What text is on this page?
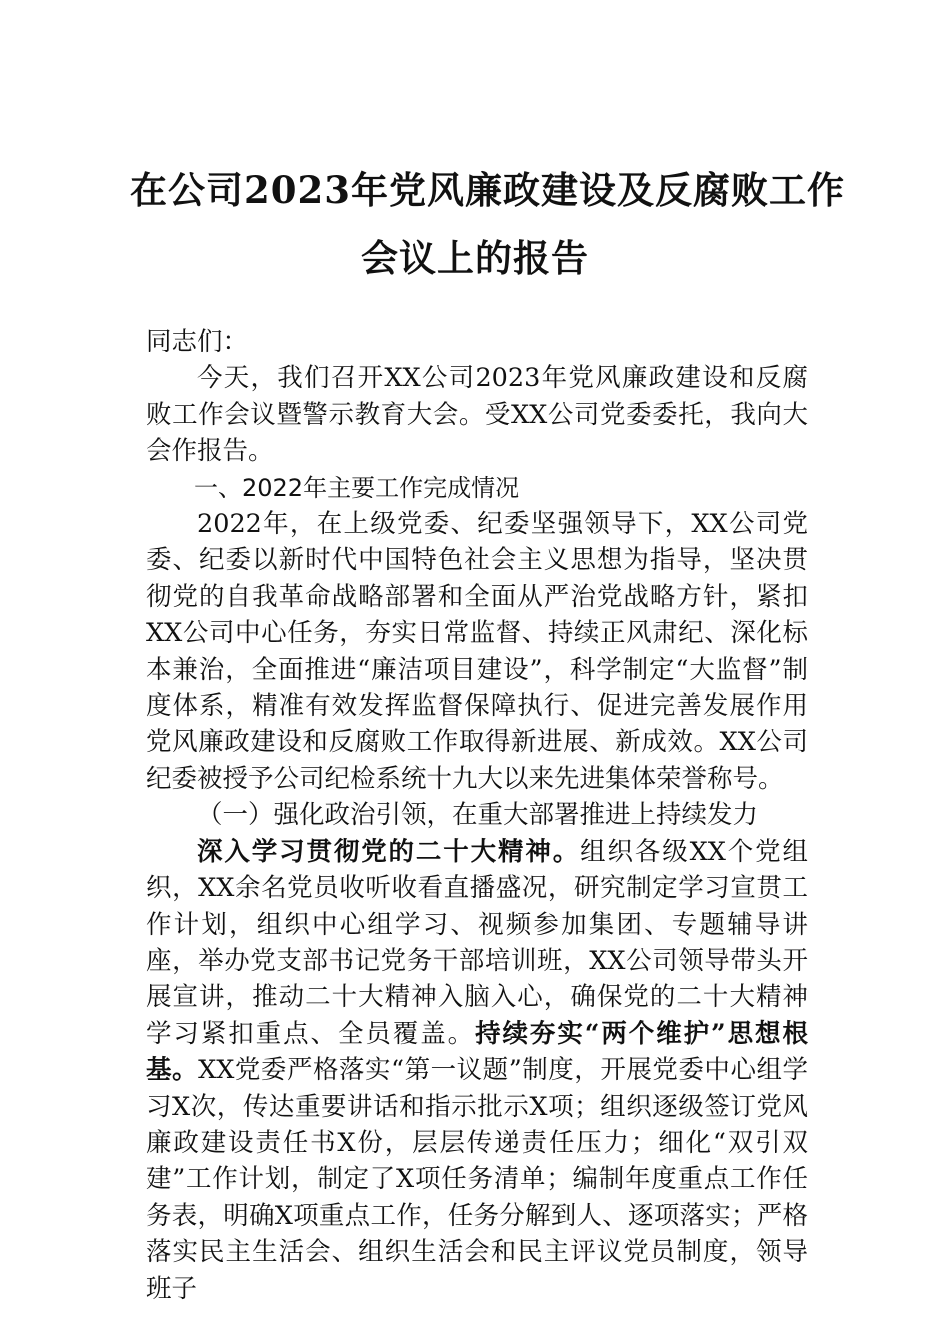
在公司2023年党风廉政建设及反腐败工作
会议上的报告

同志们：

今天，我们召开XX公司2023年党风廉政建设和反腐败工作会议暨警示教育大会。受XX公司党委委托，我向大会作报告。

一、2022年主要工作完成情况

2022年，在上级党委、纪委坚强领导下，XX公司党委、纪委以新时代中国特色社会主义思想为指导，坚决贯彻党的自我革命战略部署和全面从严治党战略方针，紧扣XX公司中心任务，夯实日常监督、持续正风肃纪、深化标本兼治，全面推进“廉洁项目建设”，科学制定“大监督”制度体系，精准有效发挥监督保障执行、促进完善发展作用党风廉政建设和反腐败工作取得新进展、新成效。XX公司纪委被授予公司纪检系统十九大以来先进集体荣誉称号。

（一）强化政治引领，在重大部署推进上持续发力

深入学习贯彻党的二十大精神。组织各级XX个党组织，XX余名党员收听收看直播盛况，研究制定学习宣贯工作计划，组织中心组学习、视频参加集团、专题辅导讲座，举办党支部书记党务干部培训班，XX公司领导带头开展宣讲，推动二十大精神入脑入心，确保党的二十大精神学习紧扣重点、全员覆盖。持续夯实“两个维护”思想根基。XX党委严格落实“第一议题”制度，开展党委中心组学习X次，传达重要讲话和指示批示X项；组织逐级签订党风廉政建设责任书X份，层层传递责任压力；细化“双引双建”工作计划，制定了X项任务清单；编制年度重点工作任务表，明确X项重点工作，任务分解到人、逐项落实；严格落实民主生活会、组织生活会和民主评议党员制度，领导班子
